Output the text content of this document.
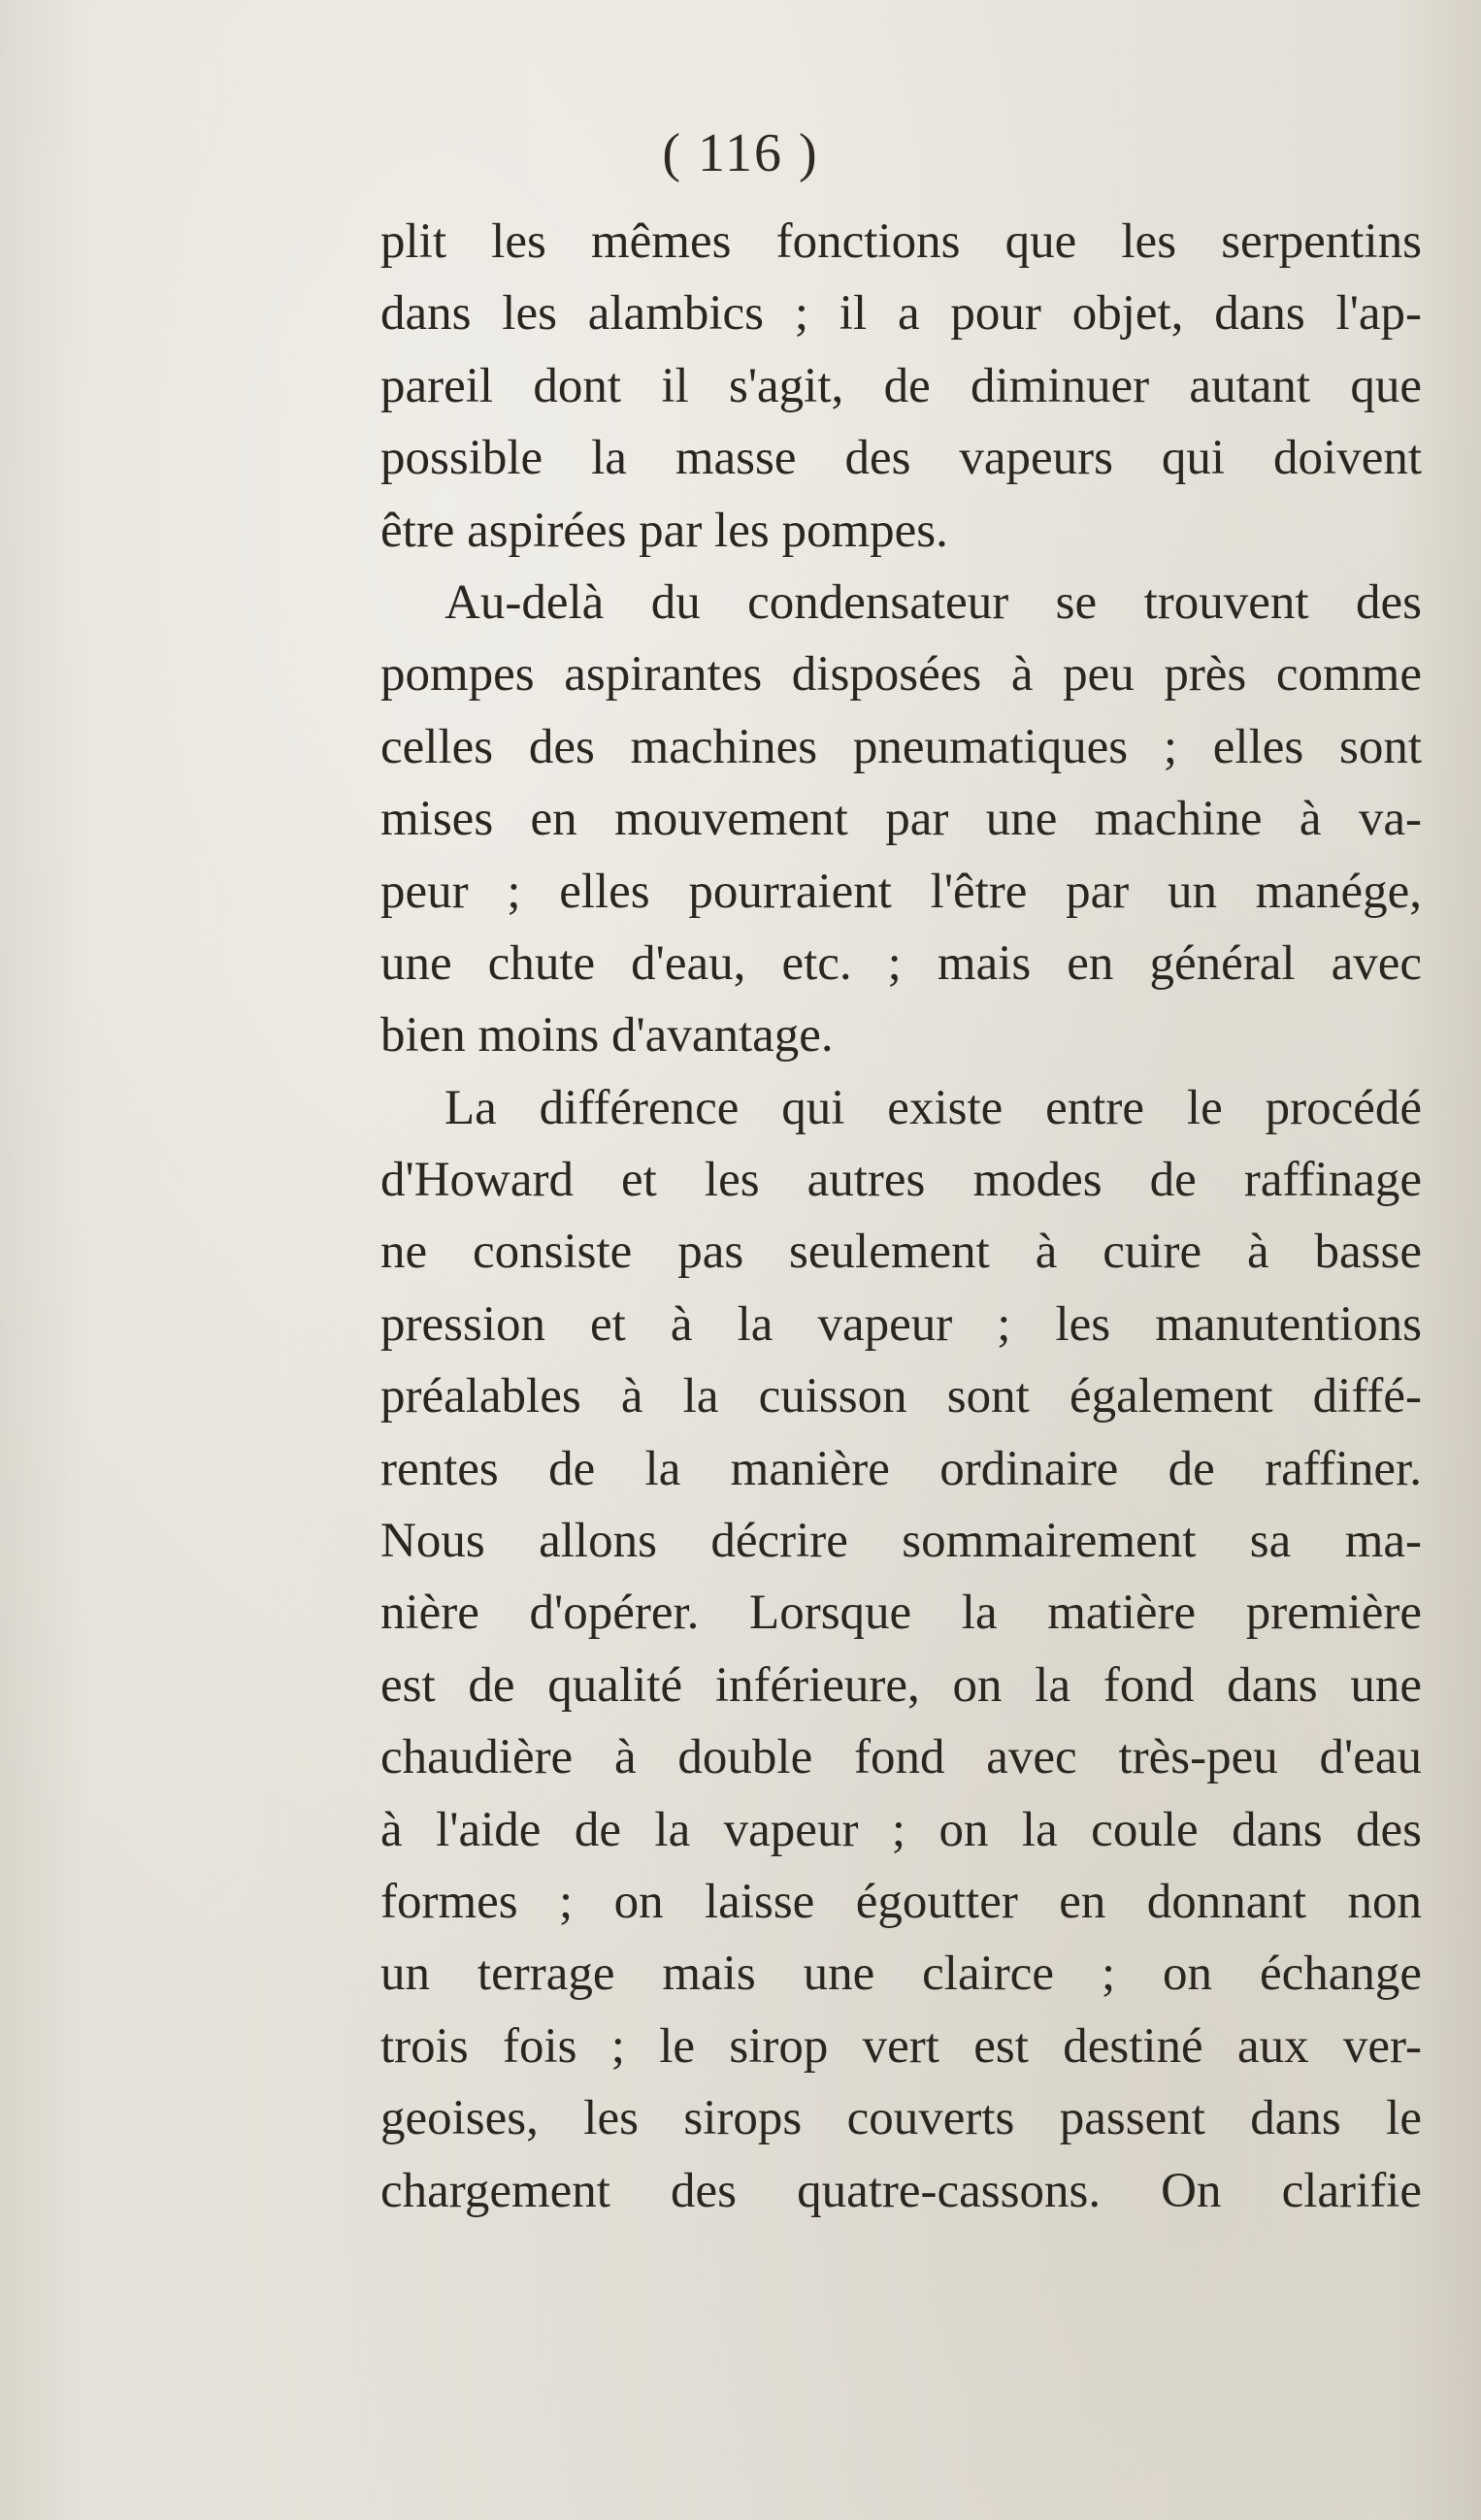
( 116 )
plit les mêmes fonctions que les serpentins
dans les alambics ; il a pour objet, dans l'ap-
pareil dont il s'agit, de diminuer autant que
possible la masse des vapeurs qui doivent
être aspirées par les pompes.
Au-delà du condensateur se trouvent des
pompes aspirantes disposées à peu près comme
celles des machines pneumatiques ; elles sont
mises en mouvement par une machine à va-
peur ; elles pourraient l'être par un manége,
une chute d'eau, etc. ; mais en général avec
bien moins d'avantage.
La différence qui existe entre le procédé
d'Howard et les autres modes de raffinage
ne consiste pas seulement à cuire à basse
pression et à la vapeur ; les manutentions
préalables à la cuisson sont également diffé-
rentes de la manière ordinaire de raffiner.
Nous allons décrire sommairement sa ma-
nière d'opérer. Lorsque la matière première
est de qualité inférieure, on la fond dans une
chaudière à double fond avec très-peu d'eau
à l'aide de la vapeur ; on la coule dans des
formes ; on laisse égoutter en donnant non
un terrage mais une clairce ; on échange
trois fois ; le sirop vert est destiné aux ver-
geoises, les sirops couverts passent dans le
chargement des quatre-cassons. On clarifie
